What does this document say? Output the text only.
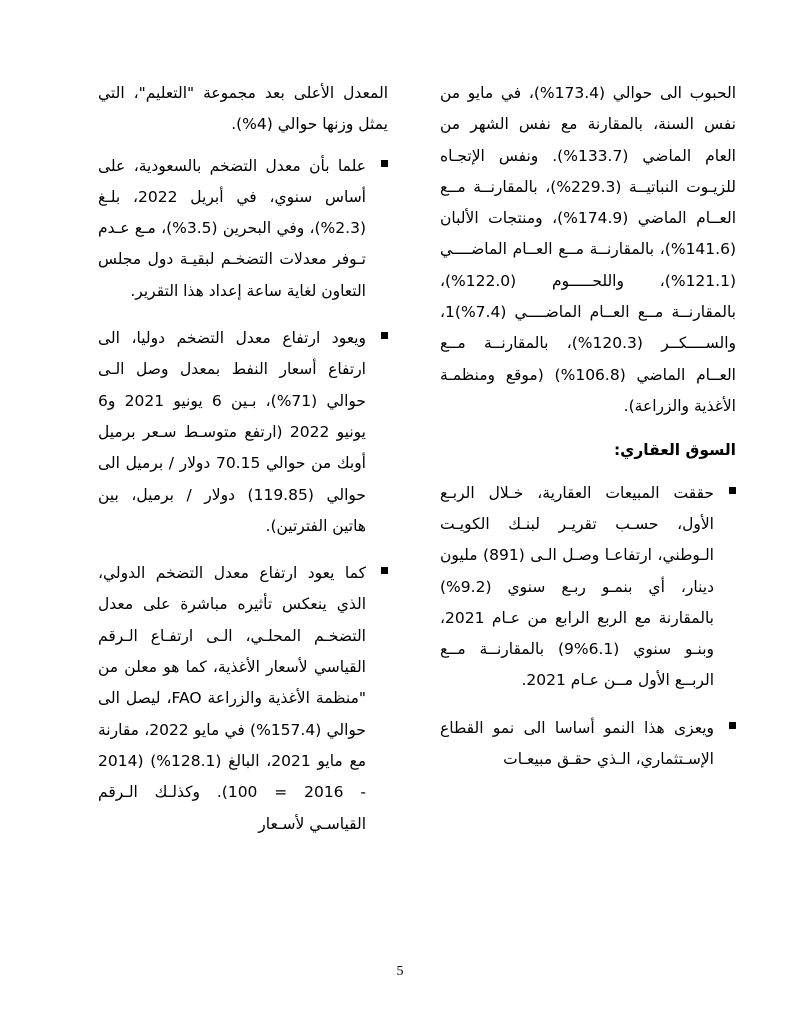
الحبوب الى حوالي (173.4%)، في مايو من نفس السنة، بالمقارنة مع نفس الشهر من العام الماضي (133.7%). ونفس الإتجـاه للزيـوت النباتيــة (229.3%)، بالمقارنــة مــع العــام الماضي (174.9%)، ومنتجات الألبان (141.6%)، بالمقارنــة مــع العــام الماضــــي (121.1%)، واللحـــــوم (122.0%)، بالمقارنــة مــع العــام الماضــــي (7.4%)1، والســــكــر (120.3%)، بالمقارنــة مــع العــام الماضي (106.8%) (موقع ومنظمـة الأغذية والزراعة).

السوق العقاري:
حققت المبيعات العقارية، خـلال الربـع الأول، حسـب تقريـر لبنـك الكويـت الـوطني، ارتفاعـا وصـل الـى (891) مليون دينار، أي بنمـو ربـع سنوي (9.2%) بالمقارنة مع الربع الرابع من عـام 2021، وبنـو سنوي (6.1%9) بالمقارنــة مــع الربــع الأول مــن عـام 2021.
ويعزى هذا النمو أساسا الى نمو القطاع الإسـتثماري، الـذي حقـق مبيعـات

المعدل الأعلى بعد مجموعة "التعليم"، التي يمثل وزنها حوالي (4%).

علما بأن معدل التضخم بالسعودية، على أساس سنوي، في أبريل 2022، بلـغ (2.3%)، وفي البحرين (3.5%)، مـع عـدم تـوفر معدلات التضخـم لبقيـة دول مجلس التعاون لغاية ساعة إعداد هذا التقرير.
ويعود ارتفاع معدل التضخم دوليا، الى ارتفاع أسعار النفط بمعدل وصل الـى حوالي (71%)، بـين 6 يونيو 2021 و6 يونيو 2022 (ارتفع متوسـط سـعر برميل أوبك من حوالي 70.15 دولار / برميل الى حوالي (119.85) دولار / برميل، بين هاتين الفترتين).
كما يعود ارتفاع معدل التضخم الدولي، الذي ينعكس تأثيره مباشرة على معدل التضخـم المحلـي، الـى ارتفـاع الـرقم القياسي لأسعار الأغذية، كما هو معلن من "منظمة الأغذية والزراعة FAO، ليصل الى حوالي (157.4%) في مايو 2022، مقارنة مع مايو 2021، البالغ (128.1%) (2014 - 2016 = 100). وكذلـك الـرقم القياسـي لأسـعار
5
